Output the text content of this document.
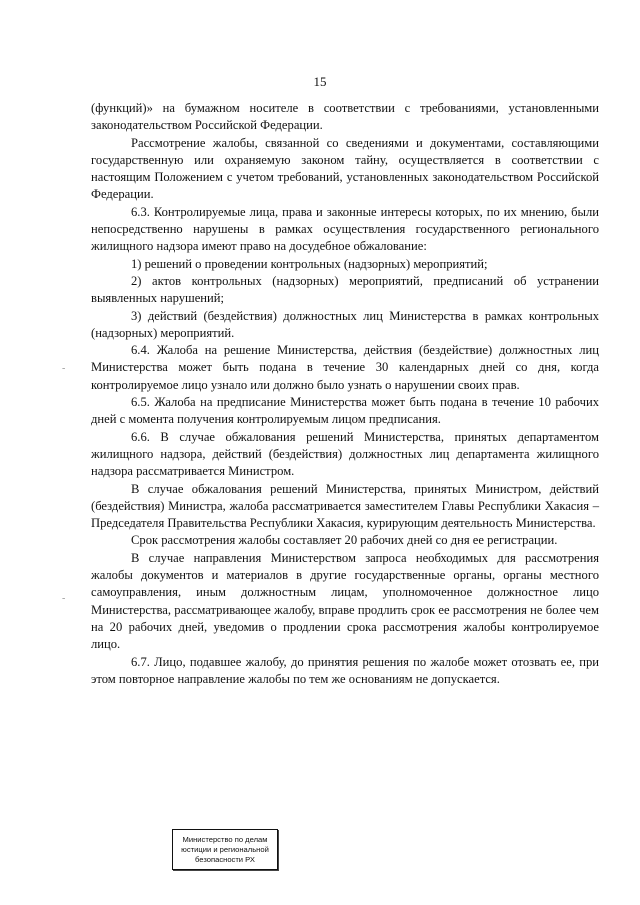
15

(функций)» на бумажном носителе в соответствии с требованиями, установленными законодательством Российской Федерации.

Рассмотрение жалобы, связанной со сведениями и документами, составляющими государственную или охраняемую законом тайну, осуществляется в соответствии с настоящим Положением с учетом требований, установленных законодательством Российской Федерации.

6.3. Контролируемые лица, права и законные интересы которых, по их мнению, были непосредственно нарушены в рамках осуществления государственного регионального жилищного надзора имеют право на досудебное обжалование:

1) решений о проведении контрольных (надзорных) мероприятий;

2) актов контрольных (надзорных) мероприятий, предписаний об устранении выявленных нарушений;

3) действий (бездействия) должностных лиц Министерства в рамках контрольных (надзорных) мероприятий.

6.4. Жалоба на решение Министерства, действия (бездействие) должностных лиц Министерства может быть подана в течение 30 календарных дней со дня, когда контролируемое лицо узнало или должно было узнать о нарушении своих прав.

6.5. Жалоба на предписание Министерства может быть подана в течение 10 рабочих дней с момента получения контролируемым лицом предписания.

6.6. В случае обжалования решений Министерства, принятых департаментом жилищного надзора, действий (бездействия) должностных лиц департамента жилищного надзора рассматривается Министром.

В случае обжалования решений Министерства, принятых Министром, действий (бездействия) Министра, жалоба рассматривается заместителем Главы Республики Хакасия – Председателя Правительства Республики Хакасия, курирующим деятельность Министерства.

Срок рассмотрения жалобы составляет 20 рабочих дней со дня ее регистрации.

В случае направления Министерством запроса необходимых для рассмотрения жалобы документов и материалов в другие государственные органы, органы местного самоуправления, иным должностным лицам, уполномоченное должностное лицо Министерства, рассматривающее жалобу, вправе продлить срок ее рассмотрения не более чем на 20 рабочих дней, уведомив о продлении срока рассмотрения жалобы контролируемое лицо.

6.7. Лицо, подавшее жалобу, до принятия решения по жалобе может отозвать ее, при этом повторное направление жалобы по тем же основаниям не допускается.

-
-
Министерство по делам
юстиции и региональной
безопасности РХ
